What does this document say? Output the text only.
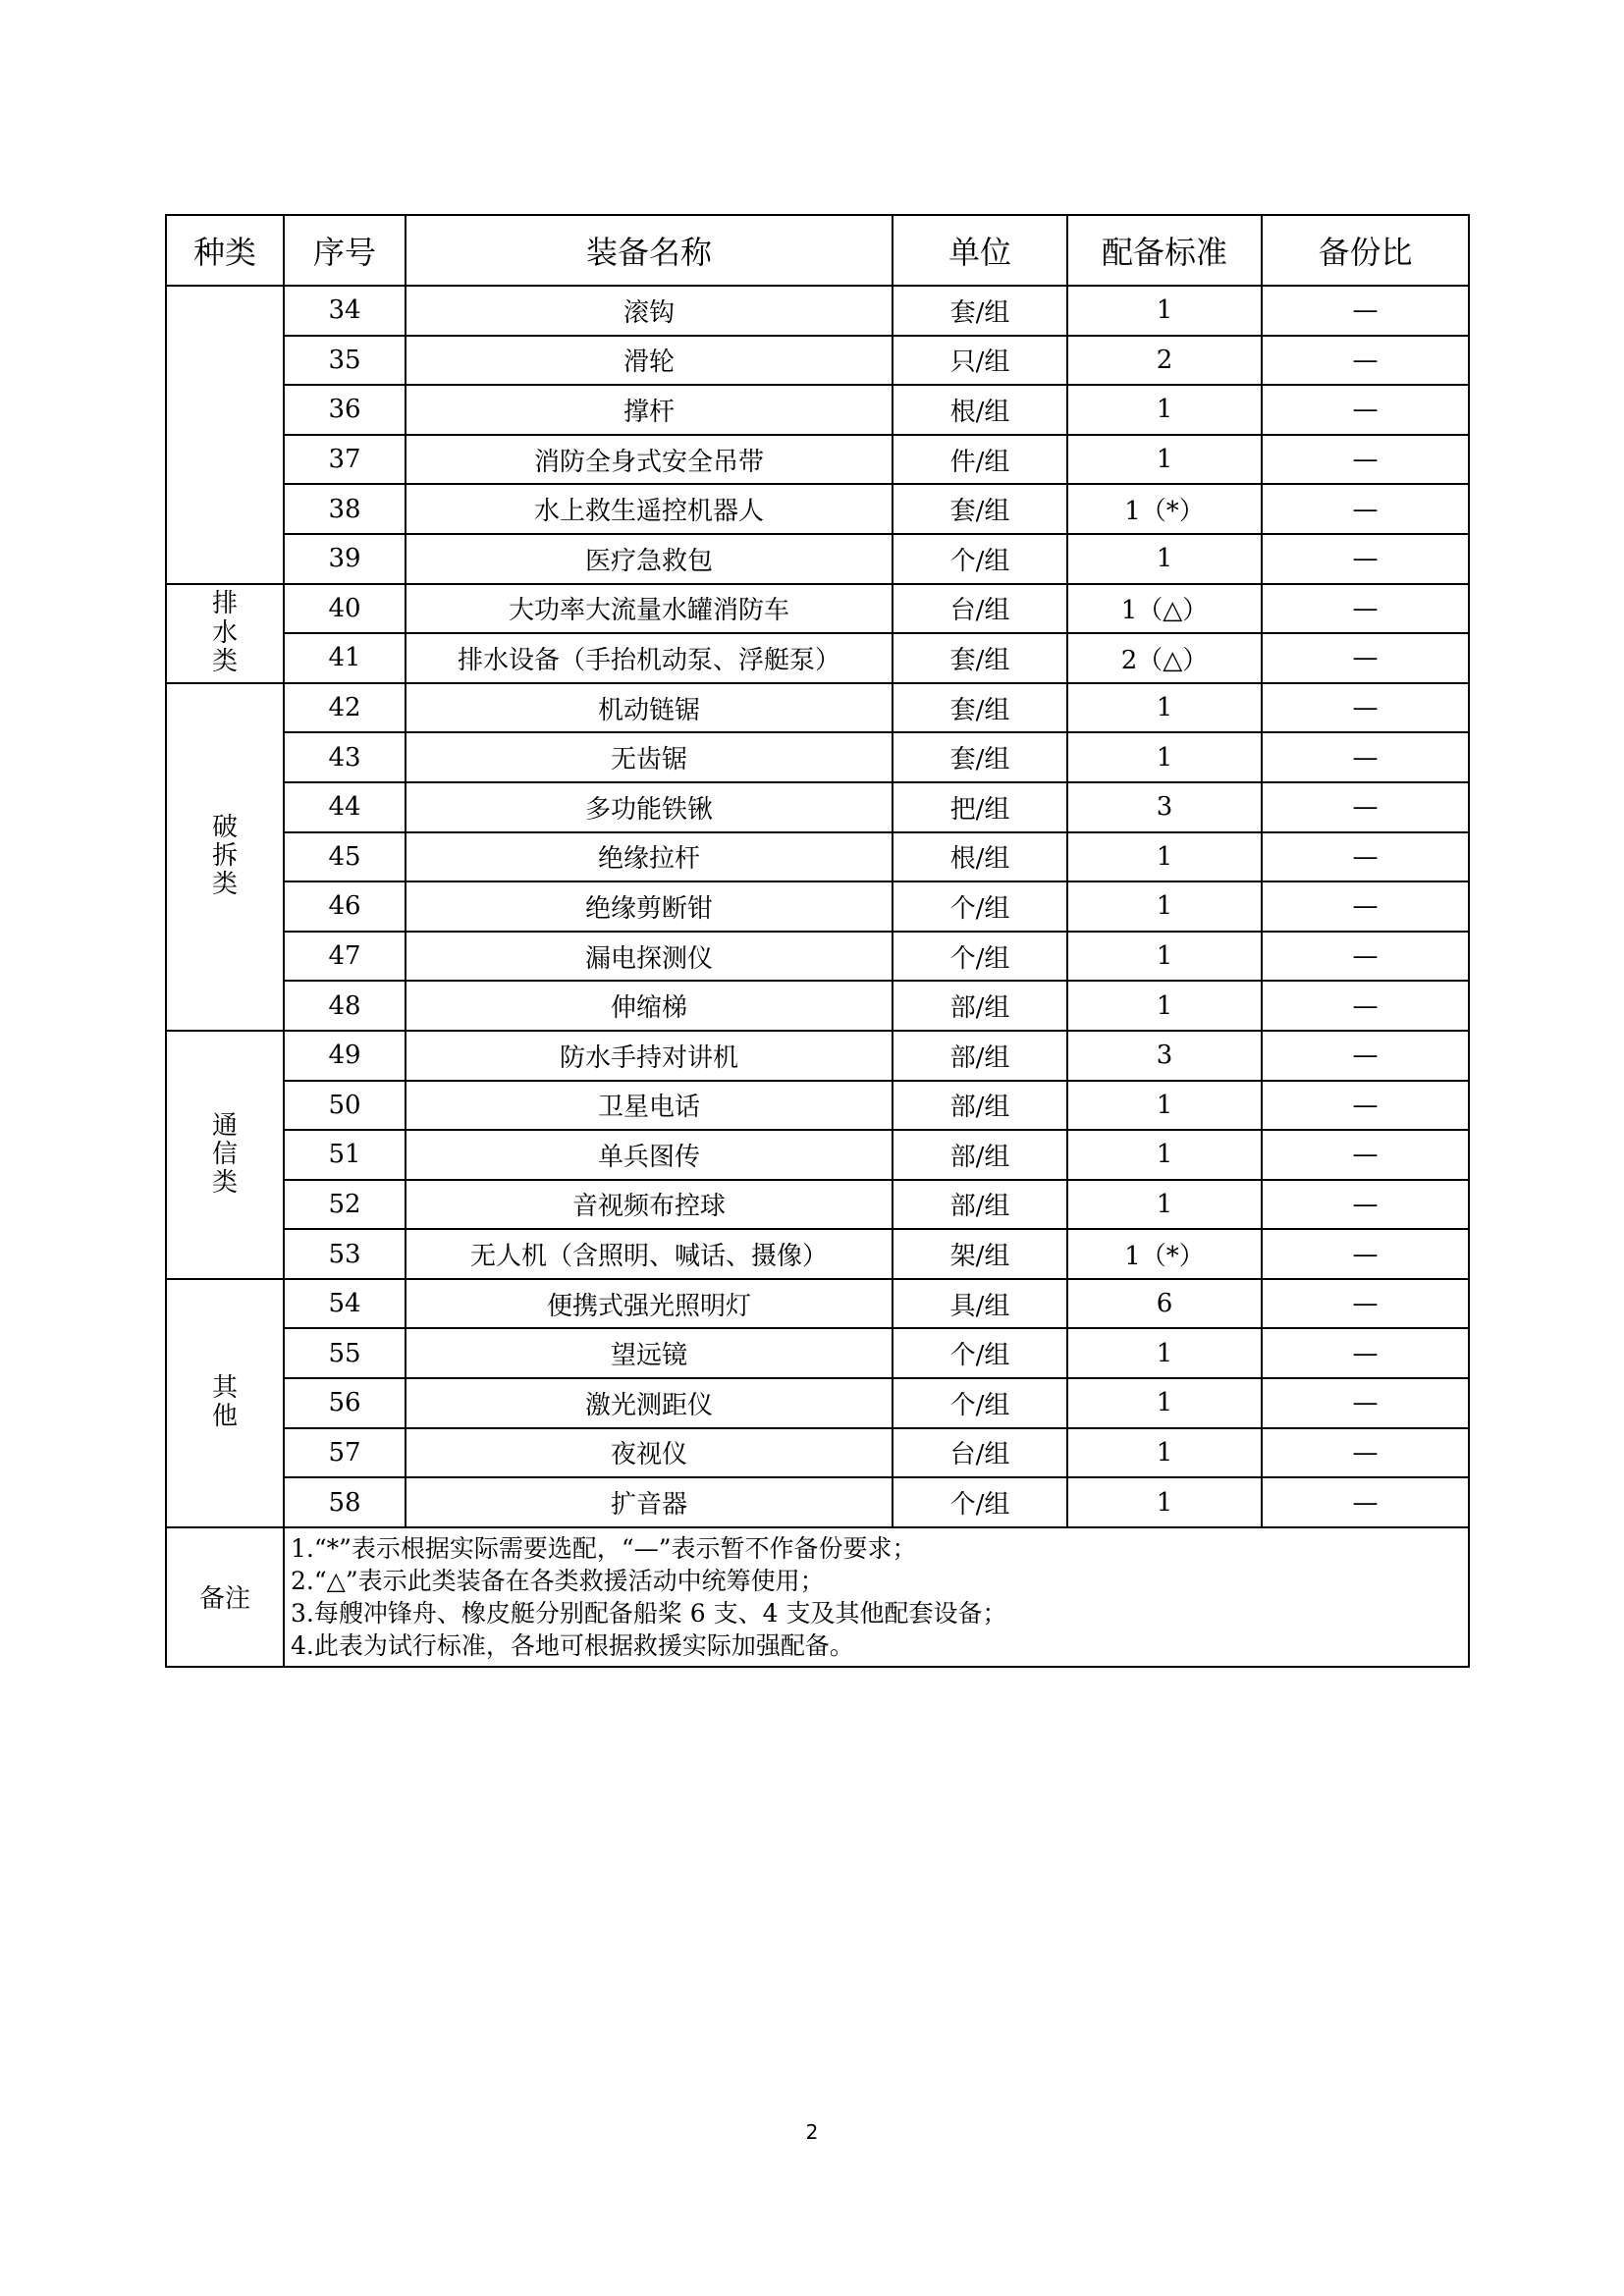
种类	序号	装备名称	单位	配备标准	备份比
	34	滚钩	套/组	1	—
	35	滑轮	只/组	2	—
	36	撑杆	根/组	1	—
	37	消防全身式安全吊带	件/组	1	—
	38	水上救生遥控机器人	套/组	1（*）	—
	39	医疗急救包	个/组	1	—
排水类	40	大功率大流量水罐消防车	台/组	1（△）	—
	41	排水设备（手抬机动泵、浮艇泵）	套/组	2（△）	—
破拆类	42	机动链锯	套/组	1	—
	43	无齿锯	套/组	1	—
	44	多功能铁锹	把/组	3	—
	45	绝缘拉杆	根/组	1	—
	46	绝缘剪断钳	个/组	1	—
	47	漏电探测仪	个/组	1	—
	48	伸缩梯	部/组	1	—
通信类	49	防水手持对讲机	部/组	3	—
	50	卫星电话	部/组	1	—
	51	单兵图传	部/组	1	—
	52	音视频布控球	部/组	1	—
	53	无人机（含照明、喊话、摄像）	架/组	1（*）	—
其他	54	便携式强光照明灯	具/组	6	—
	55	望远镜	个/组	1	—
	56	激光测距仪	个/组	1	—
	57	夜视仪	台/组	1	—
	58	扩音器	个/组	1	—
备注	1.“*”表示根据实际需要选配，“—”表示暂不作备份要求；
2.“△”表示此类装备在各类救援活动中统筹使用；
3.每艘冲锋舟、橡皮艇分别配备船桨 6 支、4 支及其他配套设备；
4.此表为试行标准，各地可根据救援实际加强配备。				
2
